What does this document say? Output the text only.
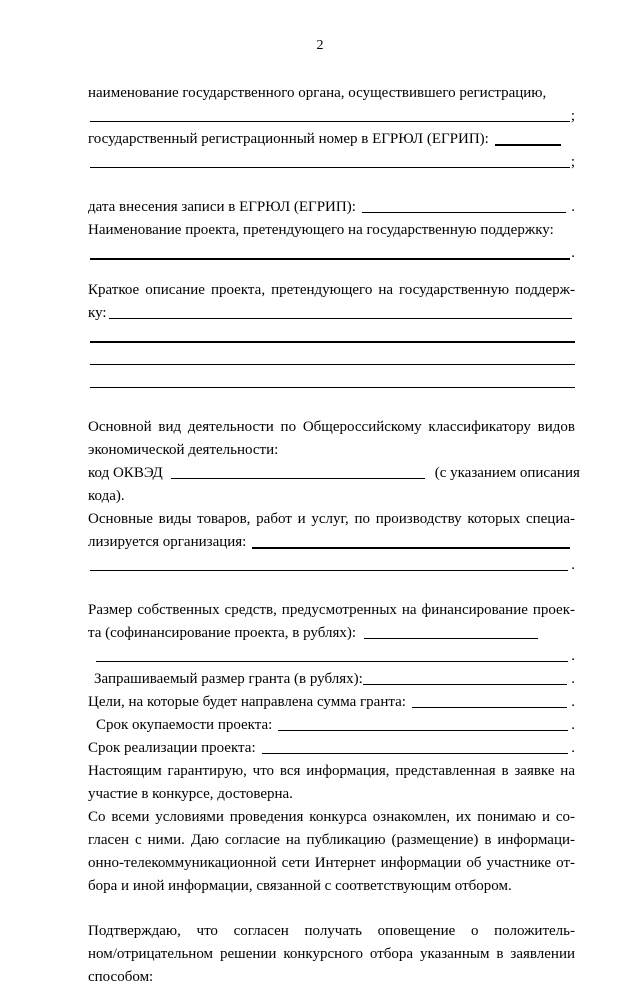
2
наименование государственного органа, осуществившего регистрацию,
;
государственный регистрационный номер в ЕГРЮЛ (ЕГРИП):
;
дата внесения записи в ЕГРЮЛ (ЕГРИП):	.
Наименование проекта, претендующего на государственную поддержку:
.
Краткое описание проекта, претендующего на государственную поддерж-
ку:
Основной вид деятельности по Общероссийскому классификатору видов
экономической деятельности:
код ОКВЭД	(с указанием описания
кода).
Основные виды товаров, работ и услуг, по производству которых специа-
лизируется организация:
.
Размер собственных средств, предусмотренных на финансирование проек-
та (софинансирование проекта, в рублях):
.
Запрашиваемый размер гранта (в рублях):	.
Цели, на которые будет направлена сумма гранта:	.
Срок окупаемости проекта:	.
Срок реализации проекта:	.
Настоящим гарантирую, что вся информация, представленная в заявке на
участие в конкурсе, достоверна.
Со всеми условиями проведения конкурса ознакомлен, их понимаю и со-
гласен с ними. Даю согласие на публикацию (размещение) в информаци-
онно-телекоммуникационной сети Интернет информации об участнике от-
бора и иной информации, связанной с соответствующим отбором.
Подтверждаю, что согласен получать оповещение о положитель-
ном/отрицательном решении конкурсного отбора указанным в заявлении
способом:
